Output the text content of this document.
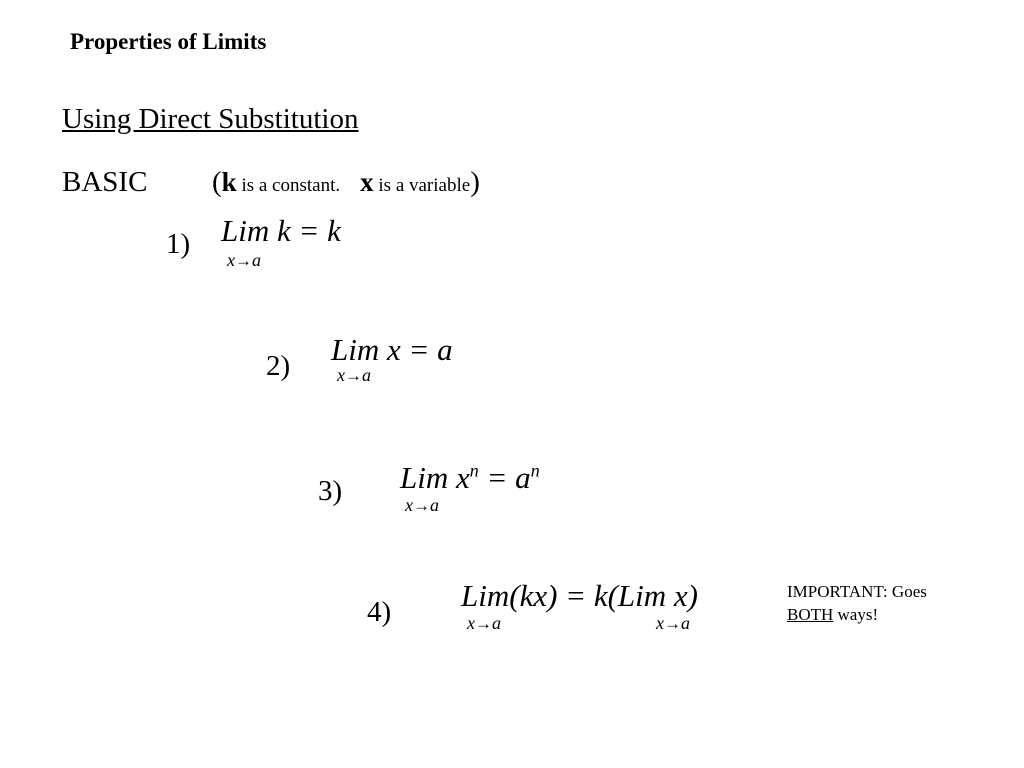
Properties of Limits
Using Direct Substitution
BASIC (k is a constant. x is a variable)
1) Lim k = k
x→a
2) Lim x = a
x→a
3) Lim $x^n = a^n$
x→a
4) Lim(kx) = k(Lim x)
x→a	x→a
IMPORTANT: Goes
BOTH ways!
